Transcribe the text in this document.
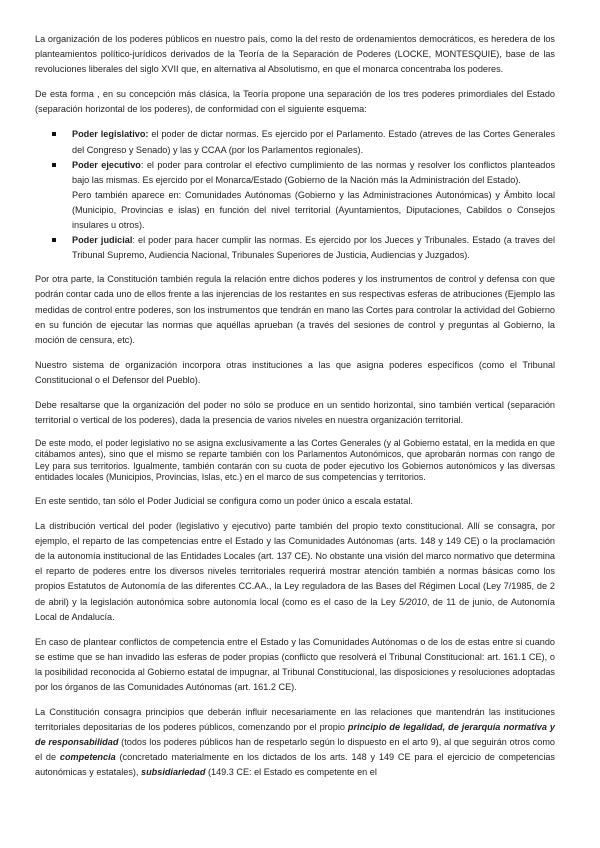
La organización de los poderes públicos en nuestro país, como la del resto de ordenamientos democráticos, es heredera de los planteamientos político-jurídicos derivados de la Teoría de la Separación de Poderes (LOCKE, MONTESQUIE), base de las revoluciones liberales del siglo XVII que, en alternativa al Absolutismo, en que el monarca concentraba los poderes.

De esta forma , en su concepción más clásica, la Teoría propone una separación de los tres poderes primordiales del Estado (separación horizontal de los poderes), de conformidad con el siguiente esquema:

Poder legislativo: el poder de dictar normas. Es ejercido por el Parlamento. Estado (atreves de las Cortes Generales del Congreso y Senado) y las y CCAA (por los Parlamentos regionales).
Poder ejecutivo: el poder para controlar el efectivo cumplimiento de las normas y resolver los conflictos planteados bajo las mismas. Es ejercido por el Monarca/Estado (Gobierno de la Nación más la Administración del Estado).
Pero también aparece en: Comunidades Autónomas (Gobierno y las Administraciones Autonómicas) y Ámbito local (Municipio, Provincias e islas) en función del nivel territorial (Ayuntamientos, Diputaciones, Cabildos o Consejos insulares u otros).
Poder judicial: el poder para hacer cumplir las normas. Es ejercido por los Jueces y Tribunales. Estado (a traves del Tribunal Supremo, Audiencia Nacional, Tribunales Superiores de Justicia, Audiencias y Juzgados).

Por otra parte, la Constitución también regula la relación entre dichos poderes y los instrumentos de control y defensa con que podrán contar cada uno de ellos frente a las injerencias de los restantes en sus respectivas esferas de atribuciones (Ejemplo las medidas de control entre poderes, son los instrumentos que tendrán en mano las Cortes para controlar la actividad del Gobierno en su función de ejecutar las normas que aquéllas aprueban (a través del sesiones de control y preguntas al Gobierno, la moción de censura, etc).

Nuestro sistema de organización incorpora otras instituciones a las que asigna poderes específicos (como el Tribunal Constitucional o el Defensor del Pueblo).

Debe resaltarse que la organización del poder no sólo se produce en un sentido horizontal, sino también vertical (separación territorial o vertical de los poderes), dada la presencia de varios niveles en nuestra organización territorial.

De este modo, el poder legislativo no se asigna exclusivamente a las Cortes Generales (y al Gobierno estatal, en la medida en que citábamos antes), sino que el mismo se reparte también con los Parlamentos Autonómicos, que aprobarán normas con rango de Ley para sus territorios. Igualmente, también contarán con su cuota de poder ejecutivo los Gobiernos autonómicos y las diversas entidades locales (Municipios, Provincias, Islas, etc.) en el marco de sus competencias y territorios.

En este sentido, tan sólo el Poder Judicial se configura como un poder único a escala estatal.

La distribución vertical del poder (legislativo y ejecutivo) parte también del propio texto constitucional. Allí se consagra, por ejemplo, el reparto de las competencias entre el Estado y las Comunidades Autónomas (arts. 148 y 149 CE) o la proclamación de la autonomía institucional de las Entidades Locales (art. 137 CE). No obstante una visión del marco normativo que determina el reparto de poderes entre los diversos niveles territoriales requerirá mostrar atención también a normas básicas como los propios Estatutos de Autonomía de las diferentes CC.AA., la Ley reguladora de las Bases del Régimen Local (Ley 7/1985, de 2 de abril) y la legislación autonómica sobre autonomía local (como es el caso de la Ley 5/2010, de 11 de junio, de Autonomía Local de Andalucía.

En caso de plantear conflictos de competencia entre el Estado y las Comunidades Autónomas o de los de estas entre si cuando se estime que se han invadido las esferas de poder propias (conflicto que resolverá el Tribunal Constitucional: art. 161.1 CE), o la posibilidad reconocida al Gobierno estatal de impugnar, al Tribunal Constitucional, las disposiciones y resoluciones adoptadas por los órganos de las Comunidades Autónomas (art. 161.2 CE).

La Constitución consagra principios que deberán influir necesariamente en las relaciones que mantendrán las instituciones territoriales depositarias de los poderes públicos, comenzando por el propio principio de legalidad, de jerarquía normativa y de responsabilidad (todos los poderes públicos han de respetarlo según lo dispuesto en el arto 9), al que seguirán otros como el de competencia (concretado materialmente en los dictados de los arts. 148 y 149 CE para el ejercicio de competencias autonómicas y estatales), subsidiariedad (149.3 CE: el Estado es competente en el
